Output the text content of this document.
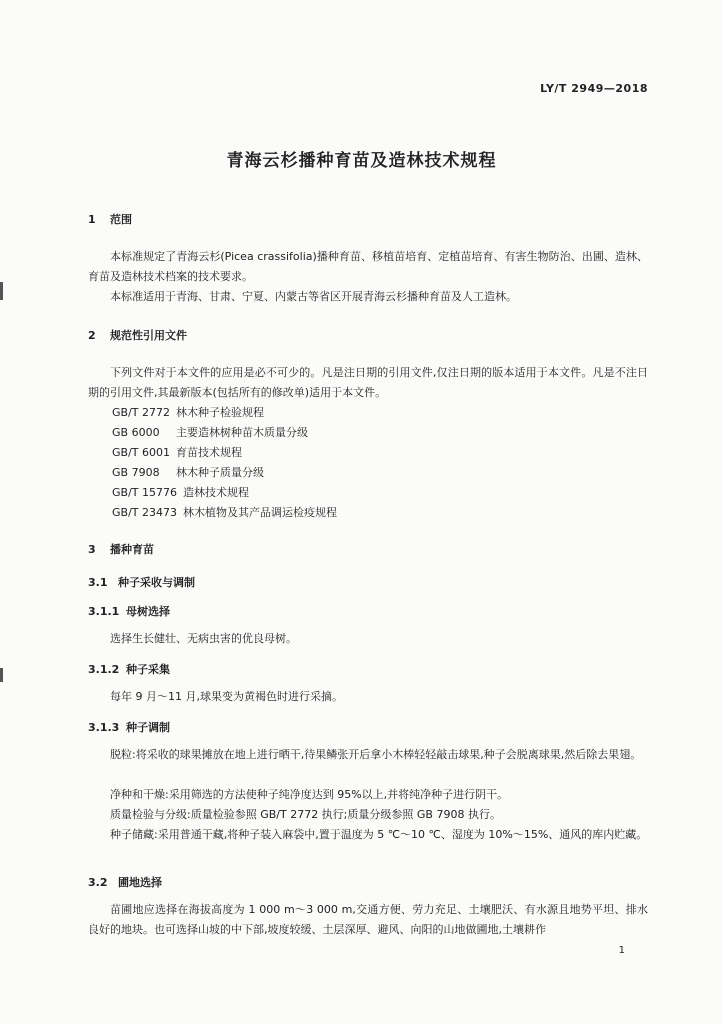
LY/T 2949—2018
青海云杉播种育苗及造林技术规程
1 范围
本标准规定了青海云杉(Picea crassifolia)播种育苗、移植苗培育、定植苗培育、有害生物防治、出圃、造林、育苗及造林技术档案的技术要求。
本标准适用于青海、甘肃、宁夏、内蒙古等省区开展青海云杉播种育苗及人工造林。
2 规范性引用文件
下列文件对于本文件的应用是必不可少的。凡是注日期的引用文件,仅注日期的版本适用于本文件。凡是不注日期的引用文件,其最新版本(包括所有的修改单)适用于本文件。
GB/T 2772 林木种子检验规程
GB 6000 主要造林树种苗木质量分级
GB/T 6001 育苗技术规程
GB 7908 林木种子质量分级
GB/T 15776 造林技术规程
GB/T 23473 林木植物及其产品调运检疫规程
3 播种育苗
3.1 种子采收与调制
3.1.1 母树选择
选择生长健壮、无病虫害的优良母树。
3.1.2 种子采集
每年 9 月～11 月,球果变为黄褐色时进行采摘。
3.1.3 种子调制
脱粒:将采收的球果摊放在地上进行晒干,待果鳞张开后拿小木棒轻轻敲击球果,种子会脱离球果,然后除去果翅。
净种和干燥:采用筛选的方法使种子纯净度达到 95%以上,并将纯净种子进行阴干。
质量检验与分级:质量检验参照 GB/T 2772 执行;质量分级参照 GB 7908 执行。
种子储藏:采用普通干藏,将种子装入麻袋中,置于温度为 5 ℃～10 ℃、湿度为 10%～15%、通风的库内贮藏。
3.2 圃地选择
苗圃地应选择在海拔高度为 1 000 m～3 000 m,交通方便、劳力充足、土壤肥沃、有水源且地势平坦、排水良好的地块。也可选择山坡的中下部,坡度较缓、土层深厚、避风、向阳的山地做圃地,土壤耕作
1
